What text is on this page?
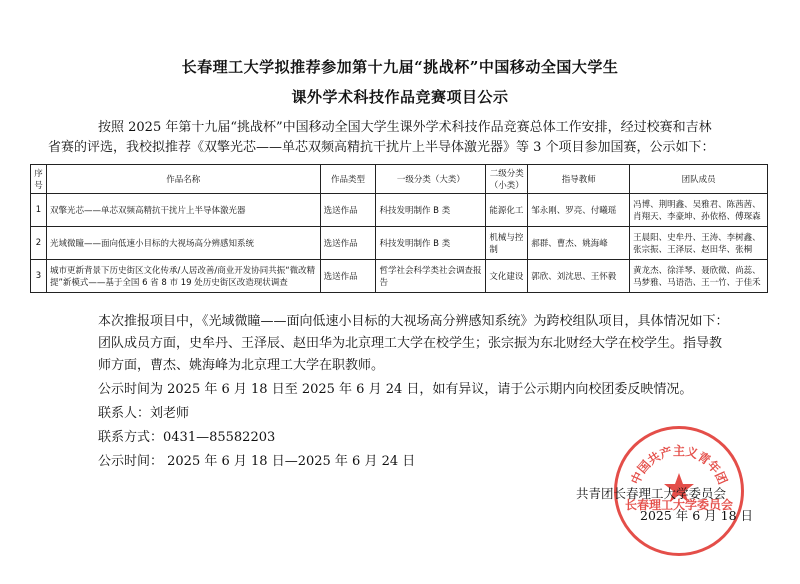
长春理工大学拟推荐参加第十九届“挑战杯”中国移动全国大学生
课外学术科技作品竞赛项目公示
按照 2025 年第十九届“挑战杯”中国移动全国大学生课外学术科技作品竞赛总体工作安排，经过校赛和吉林
省赛的评选，我校拟推荐《双擎光芯——单芯双频高精抗干扰片上半导体激光器》等 3 个项目参加国赛，公示如下：
序号	作品名称	作品类型	一级分类（大类）	二级分类（小类）	指导教师	团队成员
1	双擎光芯——单芯双频高精抗干扰片上半导体激光器	选送作品	科技发明制作 B 类	能源化工	邹永刚、罗亮、付曦瑶	冯博、荆明鑫、吴雅君、陈茜茜、肖翔天、李豪坤、孙依格、傅琛森
2	光域微瞳——面向低速小目标的大视场高分辨感知系统	选送作品	科技发明制作 B 类	机械与控制	郝群、曹杰、姚海峰	王晨阳、史牟丹、王涛、李树鑫、张宗振、王泽辰、赵田华、张桐
3	城市更新背景下历史街区文化传承/人居改善/商业开发协同共振“微改精提”新模式——基于全国 6 省 8 市 19 处历史街区改造现状调查	选送作品	哲学社会科学类社会调查报告	文化建设	郭欣、刘沈思、王怀毅	黄龙杰、徐洋琴、聂欣微、尚蕊、马梦雅、马语浩、王一竹、于佳禾
本次推报项目中，《光域微瞳——面向低速小目标的大视场高分辨感知系统》为跨校组队项目，具体情况如下：
团队成员方面，史牟丹、王泽辰、赵田华为北京理工大学在校学生；张宗振为东北财经大学在校学生。指导教
师方面，曹杰、姚海峰为北京理工大学在职教师。
公示时间为 2025 年 6 月 18 日至 2025 年 6 月 24 日，如有异议，请于公示期内向校团委反映情况。
联系人：刘老师
联系方式：0431—85582203
公示时间： 2025 年 6 月 18 日—2025 年 6 月 24 日
中国共产主义青年团
长春理工大学委员会
共青团长春理工大学委员会
2025 年 6 月 18 日
